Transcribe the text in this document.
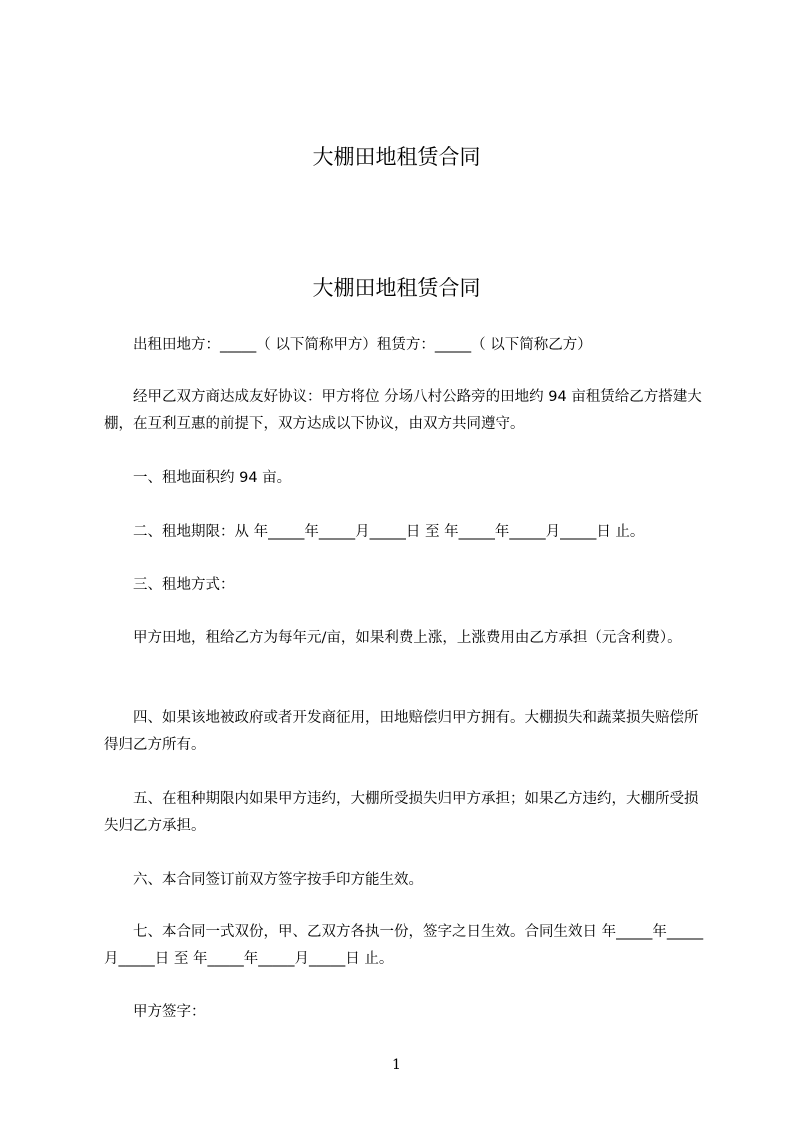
大棚田地租赁合同
大棚田地租赁合同

　　出租田地方：_____（ 以下简称甲方）租赁方：_____（ 以下简称乙方）

　　经甲乙双方商达成友好协议：甲方将位 分场八村公路旁的田地约 94 亩租赁给乙方搭建大棚，在互利互惠的前提下，双方达成以下协议，由双方共同遵守。

　　一、租地面积约 94 亩。

　　二、租地期限：从 年_____年_____月_____日 至 年_____年_____月_____日 止。

　　三、租地方式：

　　甲方田地，租给乙方为每年元/亩，如果利费上涨，上涨费用由乙方承担（元含利费）。

　　四、如果该地被政府或者开发商征用，田地赔偿归甲方拥有。大棚损失和蔬菜损失赔偿所得归乙方所有。

　　五、在租种期限内如果甲方违约，大棚所受损失归甲方承担；如果乙方违约，大棚所受损失归乙方承担。

　　六、本合同签订前双方签字按手印方能生效。

　　七、本合同一式双份，甲、乙双方各执一份，签字之日生效。合同生效日 年_____年_____月_____日 至 年_____年_____月_____日 止。

　　甲方签字：

1
